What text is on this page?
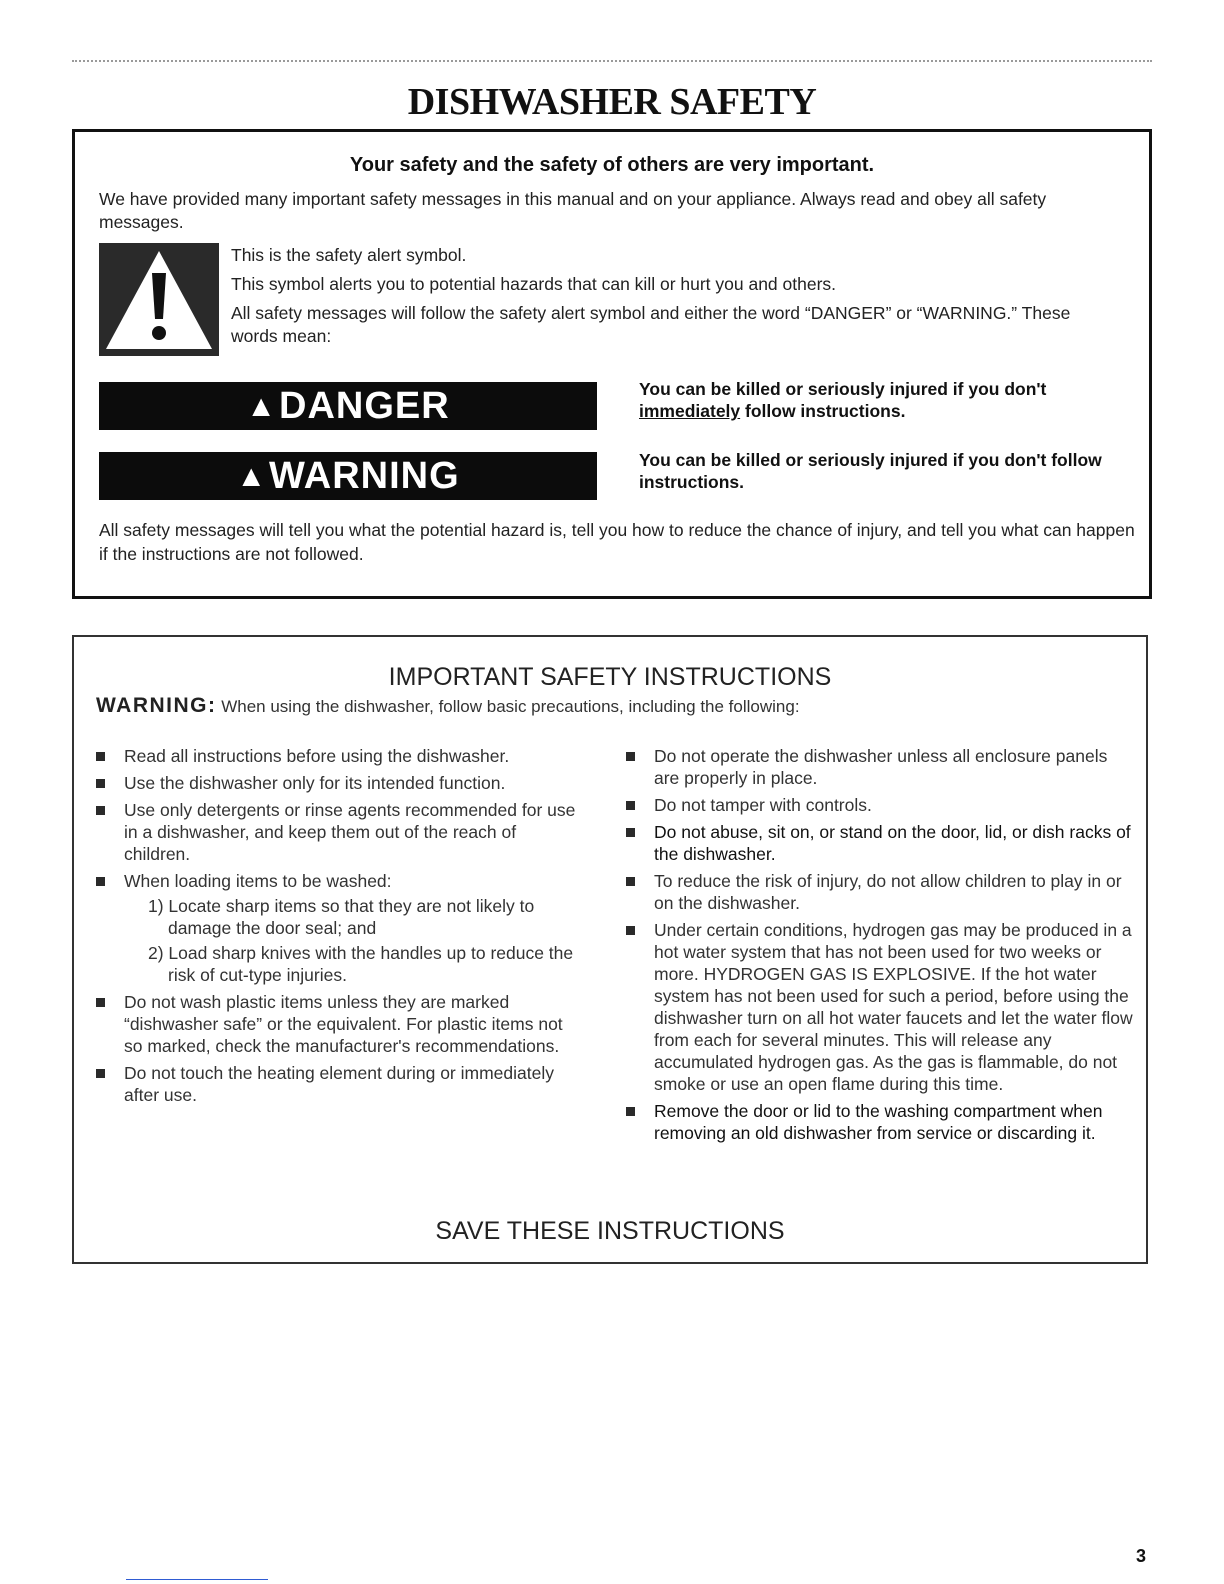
DISHWASHER SAFETY
Your safety and the safety of others are very important.
We have provided many important safety messages in this manual and on your appliance. Always read and obey all safety messages.

This is the safety alert symbol.

This symbol alerts you to potential hazards that can kill or hurt you and others.

All safety messages will follow the safety alert symbol and either the word “DANGER” or “WARNING.” These words mean:

▲DANGER	You can be killed or seriously injured if you don't immediately follow instructions.
▲WARNING	You can be killed or seriously injured if you don't follow instructions.
All safety messages will tell you what the potential hazard is, tell you how to reduce the chance of injury, and tell you what can happen if the instructions are not followed.
IMPORTANT SAFETY INSTRUCTIONS
WARNING: When using the dishwasher, follow basic precautions, including the following:
Read all instructions before using the dishwasher.
Use the dishwasher only for its intended function.
Use only detergents or rinse agents recommended for use in a dishwasher, and keep them out of the reach of children.
When loading items to be washed:
1) Locate sharp items so that they are not likely to damage the door seal; and
2) Load sharp knives with the handles up to reduce the risk of cut-type injuries.
Do not wash plastic items unless they are marked “dishwasher safe” or the equivalent. For plastic items not so marked, check the manufacturer's recommendations.
Do not touch the heating element during or immediately after use.
Do not operate the dishwasher unless all enclosure panels are properly in place.
Do not tamper with controls.
Do not abuse, sit on, or stand on the door, lid, or dish racks of the dishwasher.
To reduce the risk of injury, do not allow children to play in or on the dishwasher.
Under certain conditions, hydrogen gas may be produced in a hot water system that has not been used for two weeks or more. HYDROGEN GAS IS EXPLOSIVE. If the hot water system has not been used for such a period, before using the dishwasher turn on all hot water faucets and let the water flow from each for several minutes. This will release any accumulated hydrogen gas. As the gas is flammable, do not smoke or use an open flame during this time.
Remove the door or lid to the washing compartment when removing an old dishwasher from service or discarding it.
SAVE THESE INSTRUCTIONS
3
